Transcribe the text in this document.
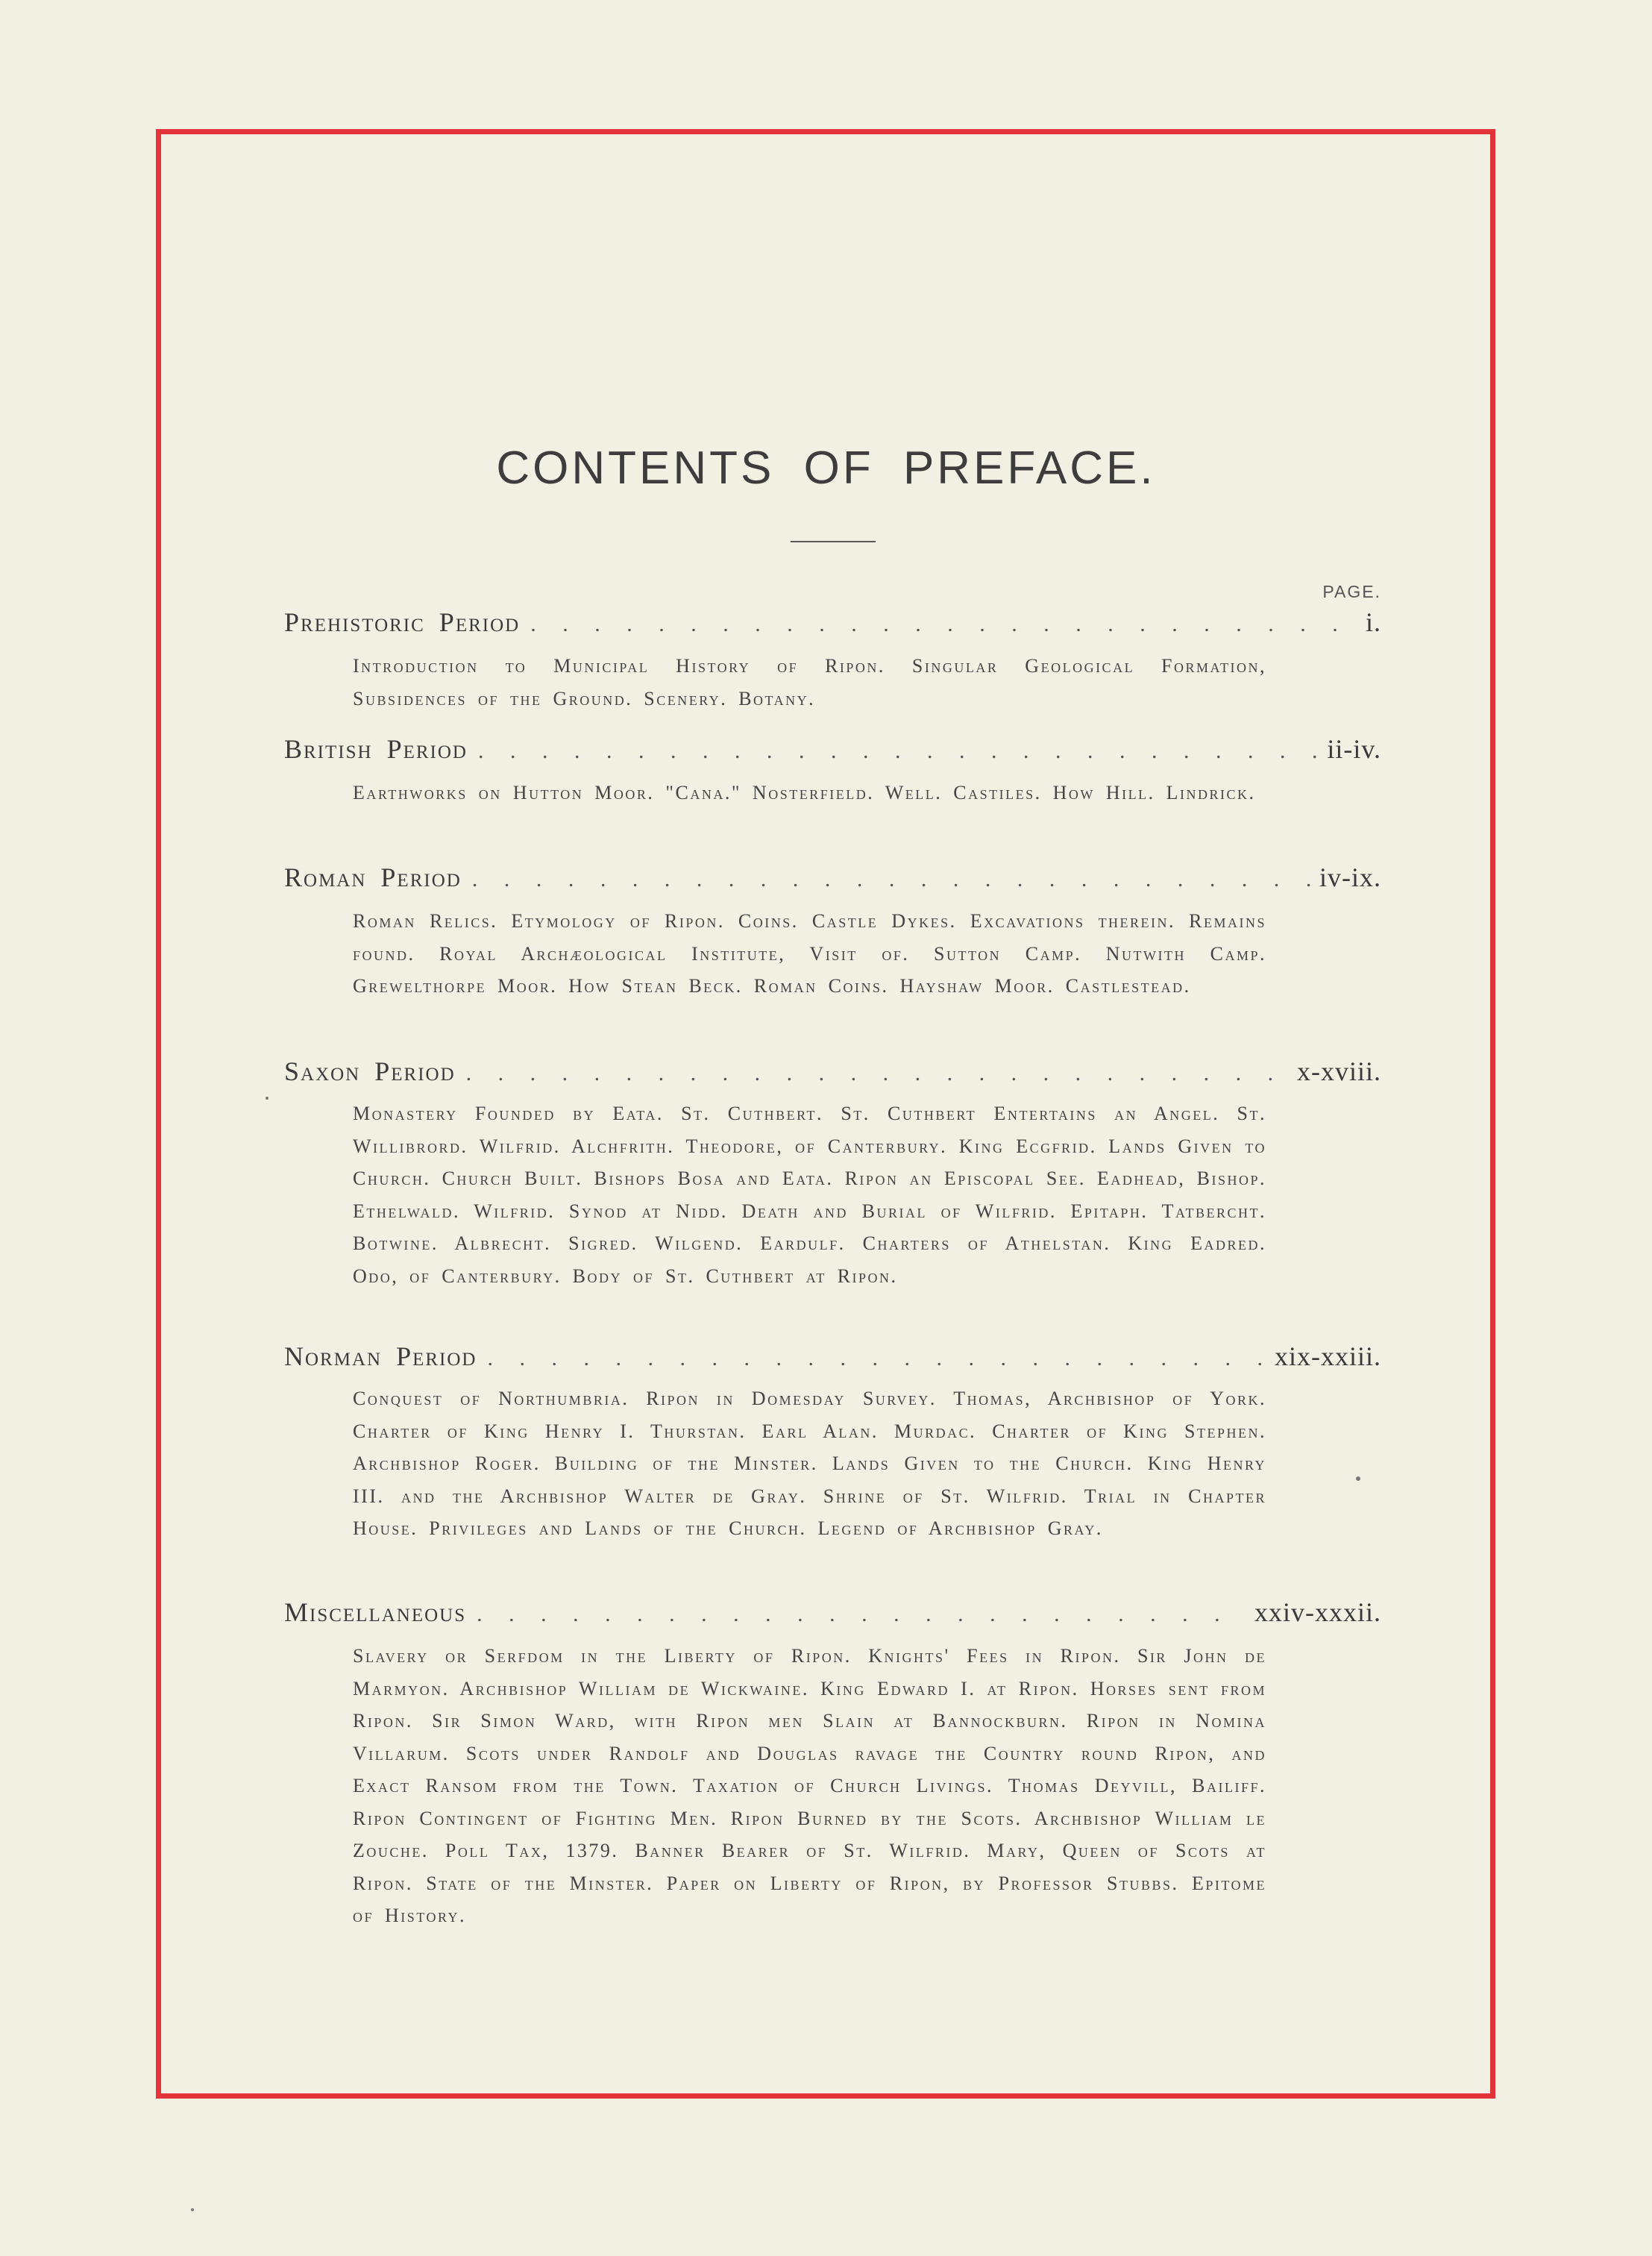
CONTENTS OF PREFACE.
PAGE.
Prehistoric Period . . .	i.

Introduction to Municipal History of Ripon. Singular Geological Formation, Subsidences of the Ground. Scenery. Botany.

British Period . . .	ii-iv.

Earthworks on Hutton Moor. "Cana." Nosterfield. Well. Castiles. How Hill. Lindrick.

Roman Period . . .	iv-ix.

Roman Relics. Etymology of Ripon. Coins. Castle Dykes. Excavations therein. Remains found. Royal Archæological Institute, Visit of. Sutton Camp. Nutwith Camp. Grewelthorpe Moor. How Stean Beck. Roman Coins. Hayshaw Moor. Castlestead.

Saxon Period . . .	x-xviii.

Monastery Founded by Eata. St. Cuthbert. St. Cuthbert Entertains an Angel. St. Willibrord. Wilfrid. Alchfrith. Theodore, of Canterbury. King Ecgfrid. Lands Given to Church. Church Built. Bishops Bosa and Eata. Ripon an Episcopal See. Eadhead, Bishop. Ethelwald. Wilfrid. Synod at Nidd. Death and Burial of Wilfrid. Epitaph. Tatbercht. Botwine. Albrecht. Sigred. Wilgend. Eardulf. Charters of Athelstan. King Eadred. Odo, of Canterbury. Body of St. Cuthbert at Ripon.

Norman Period . . .	xix-xxiii.

Conquest of Northumbria. Ripon in Domesday Survey. Thomas, Archbishop of York. Charter of King Henry I. Thurstan. Earl Alan. Murdac. Charter of King Stephen. Archbishop Roger. Building of the Minster. Lands Given to the Church. King Henry III. and the Archbishop Walter de Gray. Shrine of St. Wilfrid. Trial in Chapter House. Privileges and Lands of the Church. Legend of Archbishop Gray.

Miscellaneous . . .	xxiv-xxxii.

Slavery or Serfdom in the Liberty of Ripon. Knights' Fees in Ripon. Sir John de Marmyon. Archbishop William de Wickwaine. King Edward I. at Ripon. Horses sent from Ripon. Sir Simon Ward, with Ripon men Slain at Bannockburn. Ripon in Nomina Villarum. Scots under Randolf and Douglas ravage the Country round Ripon, and Exact Ransom from the Town. Taxation of Church Livings. Thomas Deyvill, Bailiff. Ripon Contingent of Fighting Men. Ripon Burned by the Scots. Archbishop William le Zouche. Poll Tax, 1379. Banner Bearer of St. Wilfrid. Mary, Queen of Scots at Ripon. State of the Minster. Paper on Liberty of Ripon, by Professor Stubbs. Epitome of History.
